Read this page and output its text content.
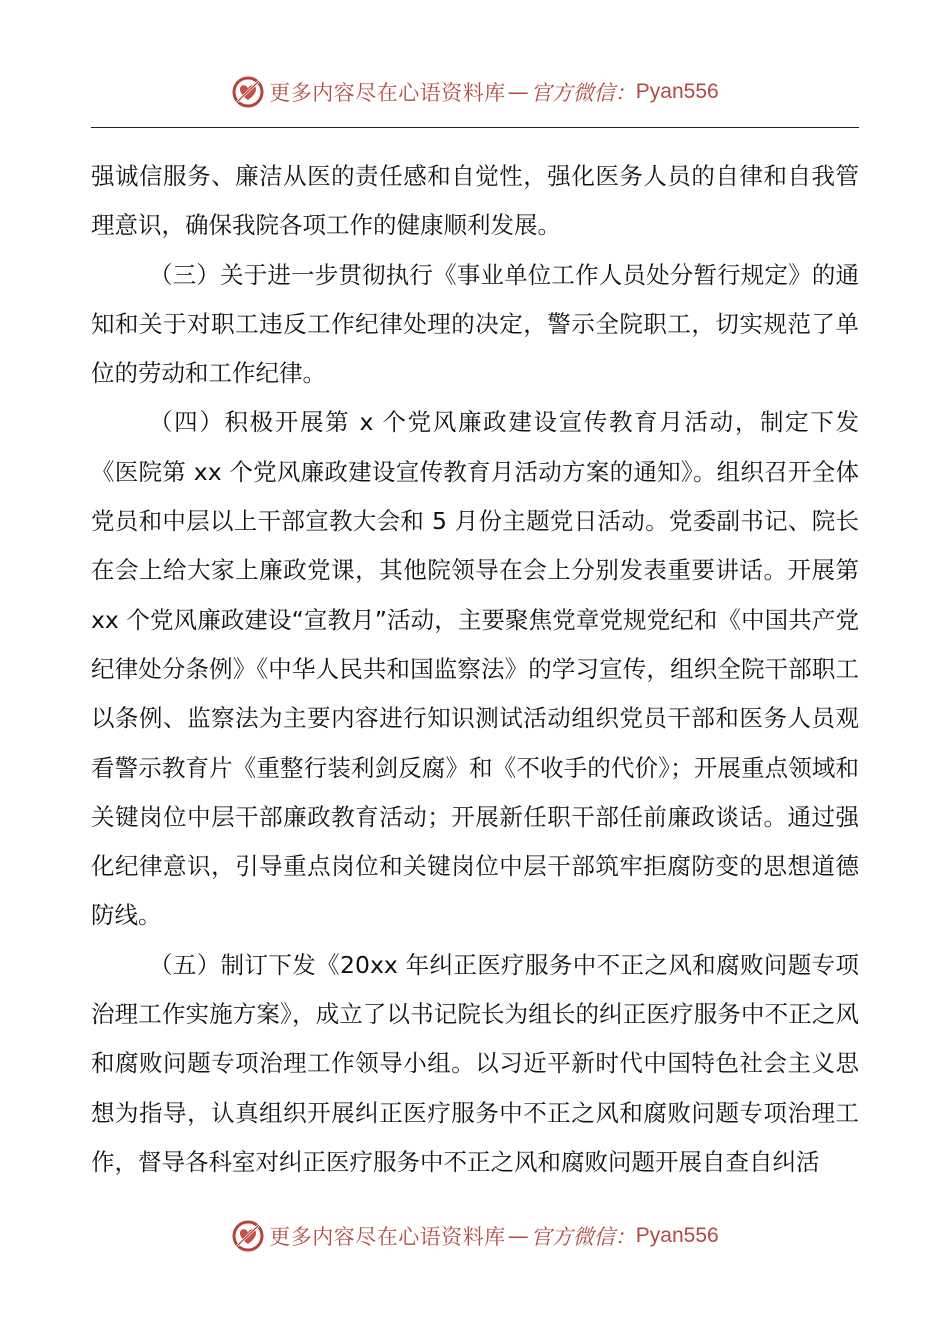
更多内容尽在心语资料库 — 官方微信： Pyan556

强诚信服务、廉洁从医的责任感和自觉性，强化医务人员的自律和自我管理意识，确保我院各项工作的健康顺利发展。

（三）关于进一步贯彻执行《事业单位工作人员处分暂行规定》的通知和关于对职工违反工作纪律处理的决定，警示全院职工，切实规范了单位的劳动和工作纪律。

（四）积极开展第 x 个党风廉政建设宣传教育月活动，制定下发《医院第 xx 个党风廉政建设宣传教育月活动方案的通知》。组织召开全体党员和中层以上干部宣教大会和 5 月份主题党日活动。党委副书记、院长在会上给大家上廉政党课，其他院领导在会上分别发表重要讲话。开展第 xx 个党风廉政建设“宣教月”活动，主要聚焦党章党规党纪和《中国共产党纪律处分条例》《中华人民共和国监察法》的学习宣传，组织全院干部职工以条例、监察法为主要内容进行知识测试活动组织党员干部和医务人员观看警示教育片《重整行装利剑反腐》和《不收手的代价》；开展重点领域和关键岗位中层干部廉政教育活动；开展新任职干部任前廉政谈话。通过强化纪律意识，引导重点岗位和关键岗位中层干部筑牢拒腐防变的思想道德防线。

（五）制订下发《20xx 年纠正医疗服务中不正之风和腐败问题专项治理工作实施方案》，成立了以书记院长为组长的纠正医疗服务中不正之风和腐败问题专项治理工作领导小组。以习近平新时代中国特色社会主义思想为指导，认真组织开展纠正医疗服务中不正之风和腐败问题专项治理工作，督导各科室对纠正医疗服务中不正之风和腐败问题开展自查自纠活

更多内容尽在心语资料库 — 官方微信： Pyan556
